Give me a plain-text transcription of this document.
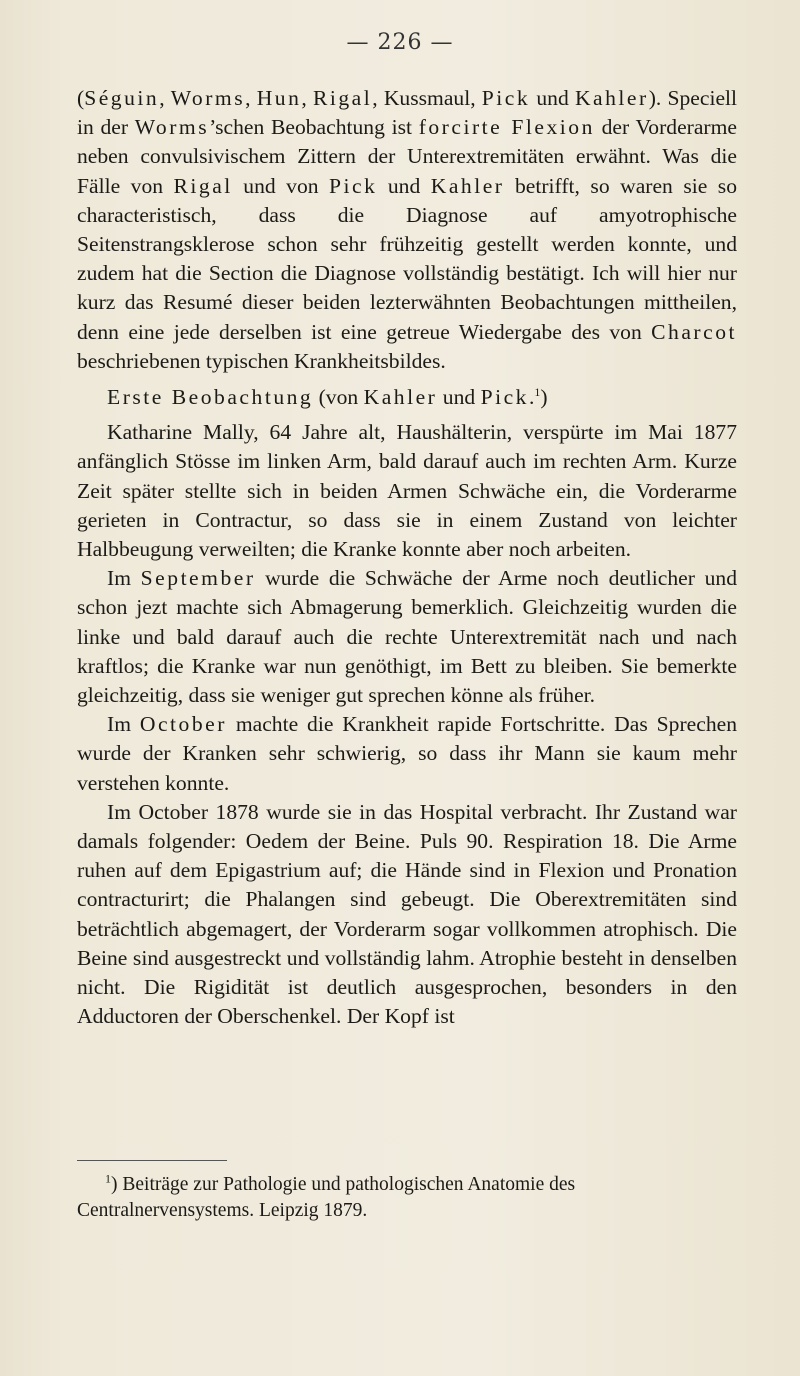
— 226 —

(Séguin, Worms, Hun, Rigal, Kussmaul, Pick und Kahler). Speciell in der Worms’schen Beobachtung ist forcirte Flexion der Vorderarme neben convulsivischem Zittern der Unterextremitäten erwähnt. Was die Fälle von Rigal und von Pick und Kahler betrifft, so waren sie so characteristisch, dass die Diagnose auf amyotrophische Seitenstrangsklerose schon sehr frühzeitig gestellt werden konnte, und zudem hat die Section die Diagnose vollständig bestätigt. Ich will hier nur kurz das Resumé dieser beiden lezterwähnten Beobachtungen mittheilen, denn eine jede derselben ist eine getreue Wiedergabe des von Charcot beschriebenen typischen Krankheitsbildes.

Erste Beobachtung (von Kahler und Pick.$^1$)

Katharine Mally, 64 Jahre alt, Haushälterin, verspürte im Mai 1877 anfänglich Stösse im linken Arm, bald darauf auch im rechten Arm. Kurze Zeit später stellte sich in beiden Armen Schwäche ein, die Vorderarme gerieten in Contractur, so dass sie in einem Zustand von leichter Halbbeugung verweilten; die Kranke konnte aber noch arbeiten.

Im September wurde die Schwäche der Arme noch deutlicher und schon jezt machte sich Abmagerung bemerklich. Gleichzeitig wurden die linke und bald darauf auch die rechte Unterextremität nach und nach kraftlos; die Kranke war nun genöthigt, im Bett zu bleiben. Sie bemerkte gleichzeitig, dass sie weniger gut sprechen könne als früher.

Im October machte die Krankheit rapide Fortschritte. Das Sprechen wurde der Kranken sehr schwierig, so dass ihr Mann sie kaum mehr verstehen konnte.

Im October 1878 wurde sie in das Hospital verbracht. Ihr Zustand war damals folgender: Oedem der Beine. Puls 90. Respiration 18. Die Arme ruhen auf dem Epigastrium auf; die Hände sind in Flexion und Pronation contracturirt; die Phalangen sind gebeugt. Die Oberextremitäten sind beträchtlich abgemagert, der Vorderarm sogar vollkommen atrophisch. Die Beine sind ausgestreckt und vollständig lahm. Atrophie besteht in denselben nicht. Die Rigidität ist deutlich ausgesprochen, besonders in den Adductoren der Oberschenkel. Der Kopf ist

$^1$) Beiträge zur Pathologie und pathologischen Anatomie des

Centralnervensystems. Leipzig 1879.
